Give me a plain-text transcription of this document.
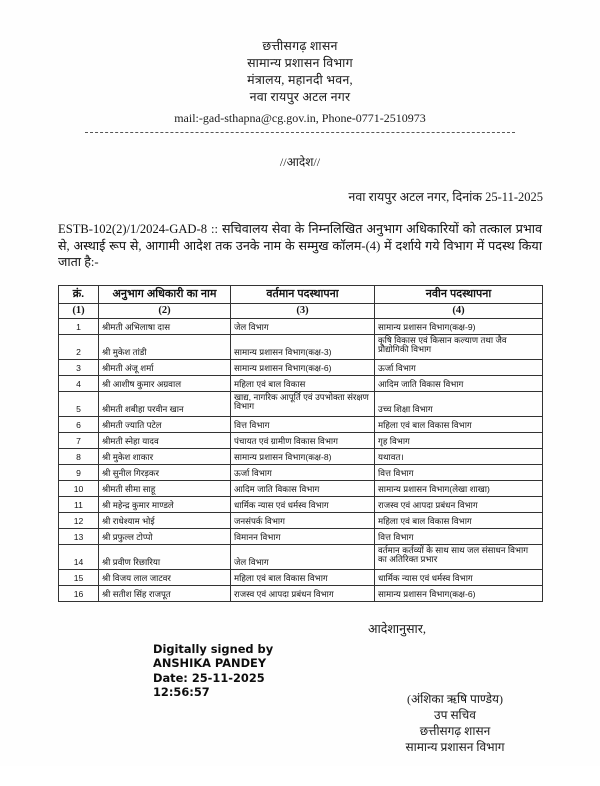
छत्तीसगढ़ शासन
सामान्य प्रशासन विभाग
मंत्रालय, महानदी भवन,
नवा रायपुर अटल नगर
mail:-gad-sthapna@cg.gov.in, Phone-0771-2510973
//आदेश//
नवा रायपुर अटल नगर, दिनांक 25-11-2025
ESTB-102(2)/1/2024-GAD-8 :: सचिवालय सेवा के निम्नलिखित अनुभाग अधिकारियों को तत्काल प्रभाव से, अस्थाई रूप से, आगामी आदेश तक उनके नाम के सम्मुख कॉलम-(4) में दर्शाये गये विभाग में पदस्थ किया जाता है:-
क्रं.	अनुभाग अधिकारी का नाम	वर्तमान पदस्थापना	नवीन पदस्थापना
(1)	(2)	(3)	(4)
1	श्रीमती अभिलाषा दास	जेल विभाग	सामान्य प्रशासन विभाग(कक्ष-9)
2	श्री मुकेश तांडी	सामान्य प्रशासन विभाग(कक्ष-3)	कृषि विकास एवं किसान कल्याण तथा जैव प्रौद्योगिकी विभाग
3	श्रीमती अंजू शर्मा	सामान्य प्रशासन विभाग(कक्ष-6)	ऊर्जा विभाग
4	श्री आशीष कुमार अग्रवाल	महिला एवं बाल विकास	आदिम जाति विकास विभाग
5	श्रीमती शबीहा परवीन खान	खाद्य, नागरिक आपूर्ति एवं उपभोक्ता संरक्षण विभाग	उच्च शिक्षा विभाग
6	श्रीमती ज्याति पटेल	वित्त विभाग	महिला एवं बाल विकास विभाग
7	श्रीमती स्नेहा यादव	पंचायत एवं ग्रामीण विकास विभाग	गृह विभाग
8	श्री मुकेश शाकार	सामान्य प्रशासन विभाग(कक्ष-8)	यथावत।
9	श्री सुनील गिरड़कर	ऊर्जा विभाग	वित्त विभाग
10	श्रीमती सीमा साहू	आदिम जाति विकास विभाग	सामान्य प्रशासन विभाग(लेखा शाखा)
11	श्री महेन्द्र कुमार माण्डले	धार्मिक न्यास एवं धर्मस्व विभाग	राजस्व एवं आपदा प्रबंधन विभाग
12	श्री राधेश्याम भोई	जनसंपर्क विभाग	महिला एवं बाल विकास विभाग
13	श्री प्रफुल्ल टोप्पो	विमानन विभाग	वित्त विभाग
14	श्री प्रवीण रिछारिया	जेल विभाग	वर्तमान कर्तव्यों के साथ साथ जल संसाधन विभाग का अतिरिक्त प्रभार
15	श्री विजय लाल जाटवर	महिला एवं बाल विकास विभाग	धार्मिक न्यास एवं धर्मस्व विभाग
16	श्री सतीश सिंह राजपूत	राजस्व एवं आपदा प्रबंधन विभाग	सामान्य प्रशासन विभाग(कक्ष-6)
आदेशानुसार,
Digitally signed by
ANSHIKA PANDEY
Date: 25-11-2025
12:56:57	(अंशिका ऋषि पाण्डेय)
उप सचिव
छत्तीसगढ़ शासन
सामान्य प्रशासन विभाग
